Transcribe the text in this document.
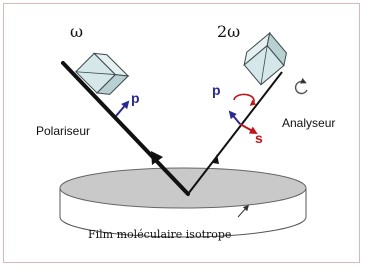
ω	2ω
p	p
s
Polariseur
Analyseur
Film moléculaire isotrope
